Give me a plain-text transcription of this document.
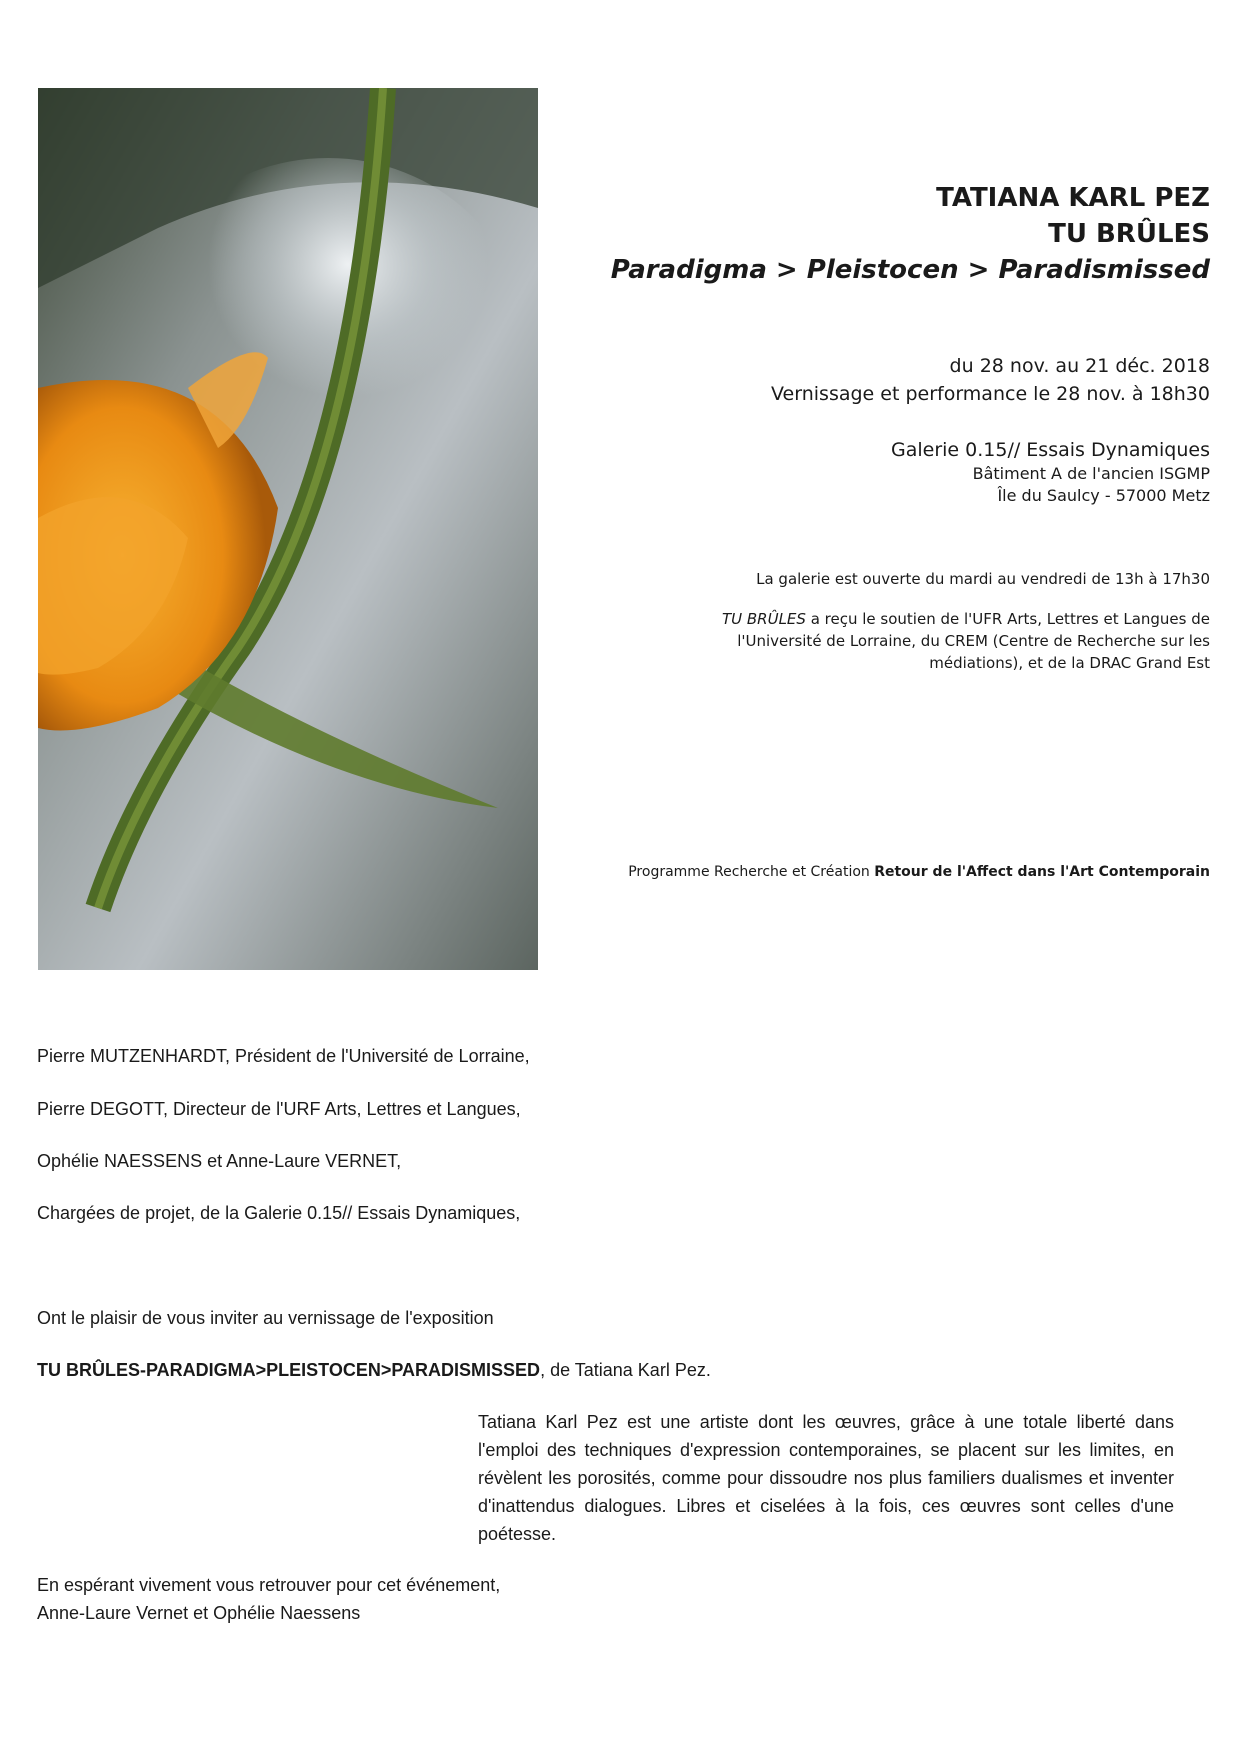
TATIANA KARL PEZ
TU BRÛLES
Paradigma > Pleistocen > Paradismissed
du 28 nov. au 21 déc. 2018
Vernissage et performance le 28 nov. à 18h30
Galerie 0.15// Essais Dynamiques
Bâtiment A de l'ancien ISGMP
Île du Saulcy - 57000 Metz
La galerie est ouverte du mardi au vendredi de 13h à 17h30
TU BRÛLES a reçu le soutien de l'UFR Arts, Lettres et Langues de l'Université de Lorraine, du CREM (Centre de Recherche sur les médiations), et de la DRAC Grand Est
Programme Recherche et Création Retour de l'Affect dans l'Art Contemporain
Pierre MUTZENHARDT, Président de l'Université de Lorraine,
Pierre DEGOTT, Directeur de l'URF Arts, Lettres et Langues,
Ophélie NAESSENS et Anne-Laure VERNET,
Chargées de projet, de la Galerie 0.15// Essais Dynamiques,
Ont le plaisir de vous inviter au vernissage de l'exposition
TU BRÛLES-PARADIGMA>PLEISTOCEN>PARADISMISSED, de Tatiana Karl Pez.
Tatiana Karl Pez est une artiste dont les œuvres, grâce à une totale liberté dans l'emploi des techniques d'expression contemporaines, se placent sur les limites, en révèlent les porosités, comme pour dissoudre nos plus familiers dualismes et inventer d'inattendus dialogues. Libres et ciselées à la fois, ces œuvres sont celles d'une poétesse.
En espérant vivement vous retrouver pour cet événement,
Anne-Laure Vernet et Ophélie Naessens
